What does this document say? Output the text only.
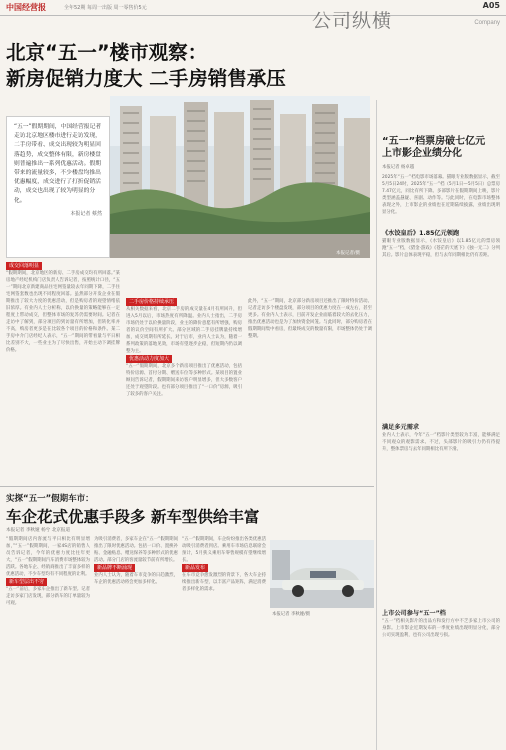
中国经营报	全年52期 每周一出版 周一零售价5元	A05
Company
公司纵横
北京“五一”楼市观察：
新房促销力度大 二手房销售承压
“五一”假期期间，中国经营报记者走访北京地区楼市进行走访发现，二手房带看、成交出现较为明显回落趋势，成交整体有限，新房楼盘则普遍推出一系列优惠活动。假期带来的流量较多，不少楼盘均推出优惠幅度，成交进行了打折促销活动，成交也出现了较为明显的分化。
本报记者 蔡然
本报记者/摄
成交回落明显
“假期期间，北京地区的新房、二手房成交均有所回落。”某房地产经纪机构门店负责人告诉记者，按照统计口径，“五一”期间北京新建商品住宅网签量较去年同期下降，二手住宅网签套数也出现不同程度回落。虽然部分开发企业在假期推出了较大力度的优惠活动，但是购房者的观望情绪依旧浓厚。有业内人士分析称，以价换量的策略能够在一定程度上带动成交，但整体市场的复苏仍需要时间。记者在走访中了解到，部分项目的到访量有所增加，但转化率并不高，购房者更多是在比较各个项目的价格和条件。某二手房中介门店经纪人表示，“五一”期间的带看量与平日相比差别不大，一些业主为了尽快出售，开始主动下调挂牌价格。
二手房价格持续承压
从相关数据来看，北京二手房的成交量在4月有所回升，但进入5月以后，市场热度有所降温。业内人士指出，二手房市场仍处于以价换量阶段，业主的降价意愿有所增强，购房者的议价空间有所扩大。部分区域的二手房挂牌量持续增加，成交周期有所延长。对于后市，业内人士认为，随着一系列政策的落地见效，市场有望逐步企稳，但短期内仍以调整为主。
优惠活动力度加大
“五一”假期期间，北京多个新房项目推出了优惠活动，包括特价房源、首付分期、赠送车位等多种形式。某项目的置业顾问告诉记者，假期期间来访客户明显增多，但大多数客户还处于观望阶段。也有部分项目推出了“一口价”房源，吸引了较多的客户关注。
此外，“五一”期间，北京部分新房项目还推出了限时特价活动。记者走访多个楼盘发现，部分项目的优惠力度在一成左右，甚至更多。有业内人士表示，目前开发企业面临着较大的去化压力，推出优惠活动也是为了加快资金回笼。与此同时，部分购房者在假期期间集中看房，但最终成交的数量有限，市场整体仍处于调整期。
“五一”档票房破七亿元 上市影企业绩分化
本报记者 杨卓越
2025年“五一”档电影市场落幕。猫眼专业版数据显示，截至5月5日24时，2025年“五一”档（5月1日—5月5日）总票房7.47亿元，同比有所下降。多部影片在假期期间上映，影片类型涵盖悬疑、喜剧、动作等。与此同时，在电影市场整体表现之外，上市影企的业绩也在近期陆续披露，业绩出现明显分化。
《水饺皇后》1.85亿元领跑
猫眼专业版数据显示，《水饺皇后》以1.85亿元的票房领跑“五一”档，《猎金·游戏》《苍茫的天底下》《独一无二》分列其后。影片总体表现平稳，但与去年同期相比仍有差距。
满足多元需求
业内人士表示，今年“五一”档影片类型较为丰富，能够满足不同观众的观影需求。不过，头部影片的吸引力仍有待提升，整体票房与去年同期相比有所下滑。
上市公司参与“五一”档
“五一”档相关影片的出品方和发行方中不乏多家上市公司的身影。上市影企近期发布的一季度业绩出现明显分化，部分公司实现盈利，也有公司出现亏损。
实探“五一”假期车市：
车企花式优惠手段多 新车型供给丰富
本报记者 李秋娅 杨兮 北京报道
“假期期间店内客流与平日相比有明显增加，”“五一”假期期间，一家4S店的销售人员告诉记者，今年的优惠力度比往年更大，“五一”假期期间汽车消费市场整体较为活跃。各地车企、经销商推出了丰富多样的优惠活动，不少车型均有不同程度的让利。
新车型层出不穷
“五一”前后，多家车企推出了新车型。记者走访多家门店发现，部分新车的订单量较为可观。
为吸引消费者，多家车企在“五一”假期期间推出了限时优惠活动。包括一口价、置换补贴、金融贴息、赠送保养等多种形式的优惠活动。部分门店的客流量较节前有所增长。
新品牌不断涌现
业内人士认为，随着车市竞争的日趋激烈，车企的优惠活动将会更加多样化。
“五一”假期期间，车企纷纷推出各类优惠活动吸引消费者到店。乘用车市场信息联席会预计，5月狭义乘用车零售规模有望继续增长。
新品发布
在车市竞争愈发激烈的背景下，各大车企持续推出新车型，以丰富产品矩阵，满足消费者多样化的需求。
本报记者 李秋娅/摄
